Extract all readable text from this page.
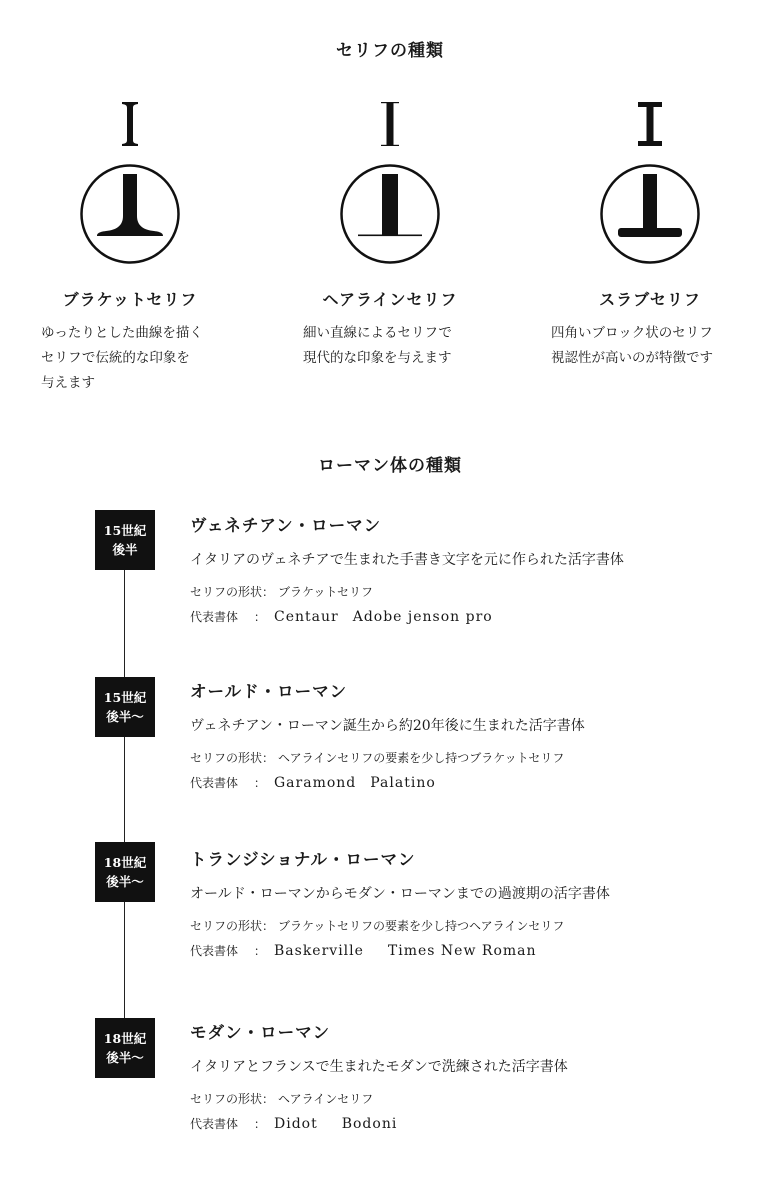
セリフの種類
ブラケットセリフ
ゆったりとした曲線を描く
セリフで伝統的な印象を
与えます
ヘアラインセリフ
細い直線によるセリフで
現代的な印象を与えます
スラブセリフ
四角いブロック状のセリフ
視認性が高いのが特徴です
ローマン体の種類
15世紀
後半
ヴェネチアン・ローマン
イタリアのヴェネチアで生まれた手書き文字を元に作られた活字書体
セリフの形状： ブラケットセリフ
代表書体　 ： Centaur Adobe jenson pro
15世紀
後半〜
オールド・ローマン
ヴェネチアン・ローマン誕生から約20年後に生まれた活字書体
セリフの形状： ヘアラインセリフの要素を少し持つブラケットセリフ
代表書体　 ： Garamond Palatino
18世紀
後半〜
トランジショナル・ローマン
オールド・ローマンからモダン・ローマンまでの過渡期の活字書体
セリフの形状： ブラケットセリフの要素を少し持つヘアラインセリフ
代表書体　 ： Baskerville Times New Roman
18世紀
後半〜
モダン・ローマン
イタリアとフランスで生まれたモダンで洗練された活字書体
セリフの形状： ヘアラインセリフ
代表書体　 ： Didot Bodoni
